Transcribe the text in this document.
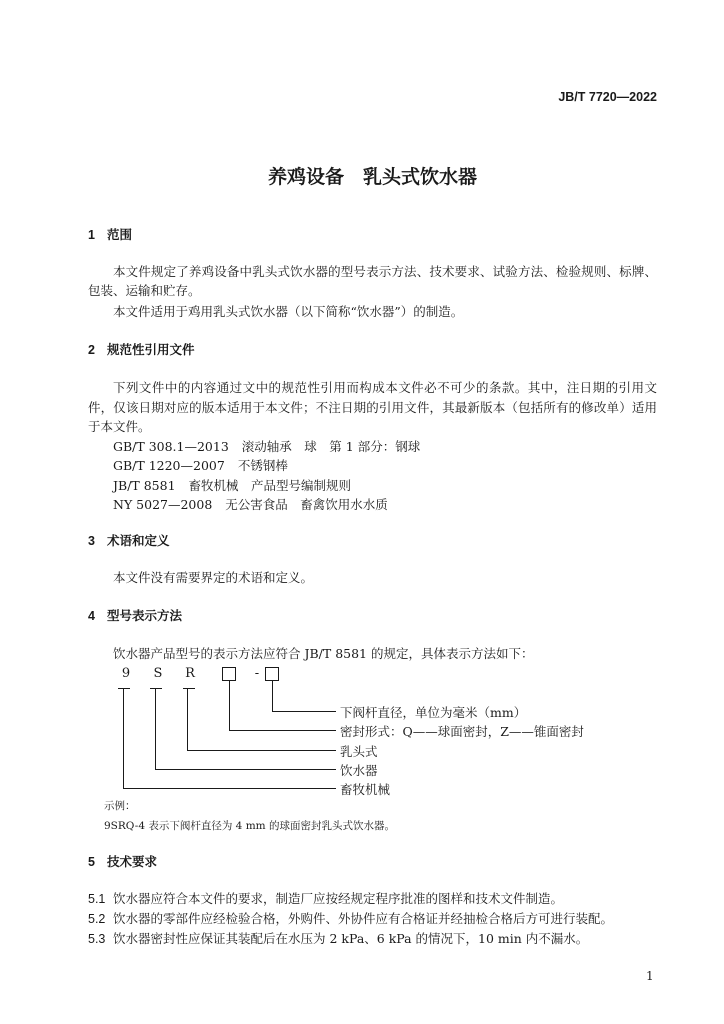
JB/T 7720—2022
养鸡设备　乳头式饮水器
1 范围
本文件规定了养鸡设备中乳头式饮水器的型号表示方法、技术要求、试验方法、检验规则、标牌、
包装、运输和贮存。
本文件适用于鸡用乳头式饮水器（以下简称“饮水器”）的制造。
2 规范性引用文件
下列文件中的内容通过文中的规范性引用而构成本文件必不可少的条款。其中，注日期的引用文
件，仅该日期对应的版本适用于本文件；不注日期的引用文件，其最新版本（包括所有的修改单）适用
于本文件。
GB/T 308.1—2013 滚动轴承　球　第 1 部分：钢球
GB/T 1220—2007 不锈钢棒
JB/T 8581 畜牧机械　产品型号编制规则
NY 5027—2008 无公害食品　畜禽饮用水水质
3 术语和定义
本文件没有需要界定的术语和定义。
4 型号表示方法
饮水器产品型号的表示方法应符合 JB/T 8581 的规定，具体表示方法如下：
9 S R	-
下阀杆直径，单位为毫米（mm）
密封形式：Q——球面密封，Z——锥面密封
乳头式
饮水器
畜牧机械
示例：
9SRQ-4 表示下阀杆直径为 4 mm 的球面密封乳头式饮水器。
5 技术要求
5.1 饮水器应符合本文件的要求，制造厂应按经规定程序批准的图样和技术文件制造。
5.2 饮水器的零部件应经检验合格，外购件、外协件应有合格证并经抽检合格后方可进行装配。
5.3 饮水器密封性应保证其装配后在水压为 2 kPa、6 kPa 的情况下，10 min 内不漏水。
1
